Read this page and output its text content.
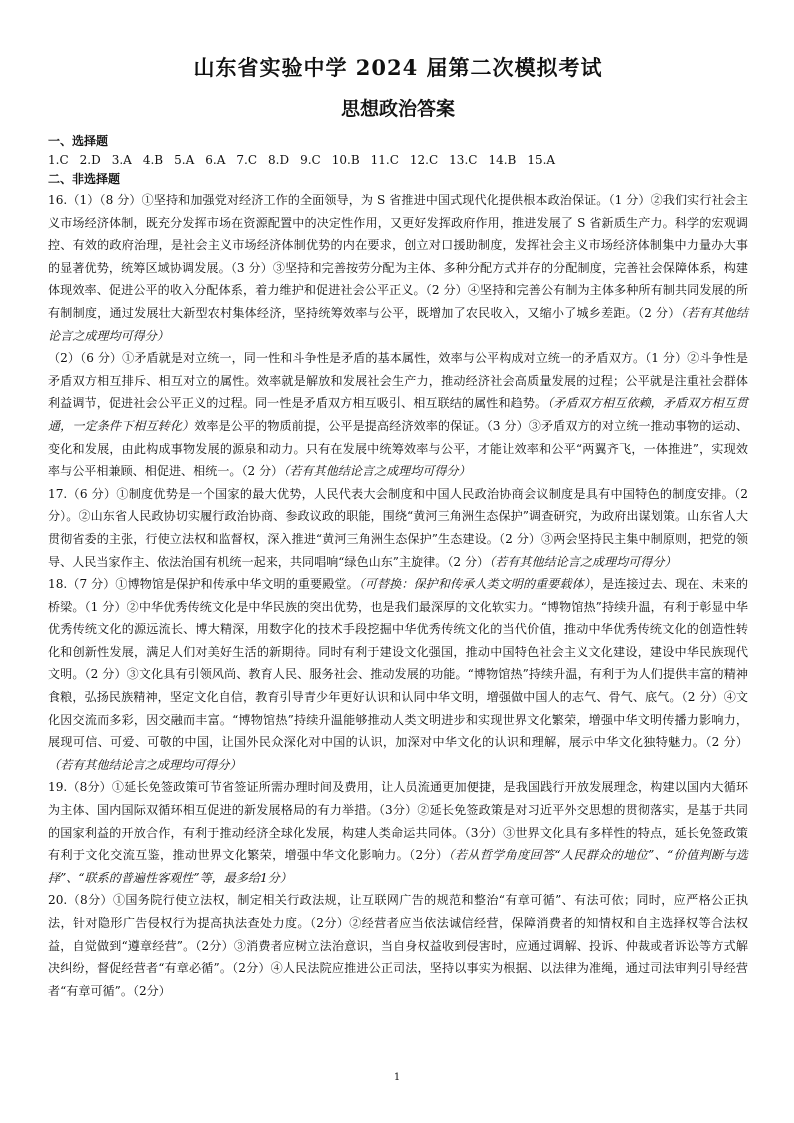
山东省实验中学 2024 届第二次模拟考试
思想政治答案
一、选择题
1.C 2.D 3.A 4.B 5.A 6.A 7.C 8.D 9.C 10.B 11.C 12.C 13.C 14.B 15.A
二、非选择题

16.（1）（8 分）①坚持和加强党对经济工作的全面领导，为 S 省推进中国式现代化提供根本政治保证。（1 分）②我们实行社会主义市场经济体制，既充分发挥市场在资源配置中的决定性作用，又更好发挥政府作用，推进发展了 S 省新质生产力。科学的宏观调控、有效的政府治理，是社会主义市场经济体制优势的内在要求，创立对口援助制度，发挥社会主义市场经济体制集中力量办大事的显著优势，统筹区域协调发展。（3 分）③坚持和完善按劳分配为主体、多种分配方式并存的分配制度，完善社会保障体系，构建体现效率、促进公平的收入分配体系，着力维护和促进社会公平正义。（2 分）④坚持和完善公有制为主体多种所有制共同发展的所有制制度，通过发展壮大新型农村集体经济，坚持统筹效率与公平，既增加了农民收入，又缩小了城乡差距。（2 分）（若有其他结论言之成理均可得分）

（2）（6 分）①矛盾就是对立统一，同一性和斗争性是矛盾的基本属性，效率与公平构成对立统一的矛盾双方。（1 分）②斗争性是矛盾双方相互排斥、相互对立的属性。效率就是解放和发展社会生产力，推动经济社会高质量发展的过程；公平就是注重社会群体利益调节，促进社会公平正义的过程。同一性是矛盾双方相互吸引、相互联结的属性和趋势。（矛盾双方相互依赖，矛盾双方相互贯通，一定条件下相互转化）效率是公平的物质前提，公平是提高经济效率的保证。（3 分）③矛盾双方的对立统一推动事物的运动、变化和发展，由此构成事物发展的源泉和动力。只有在发展中统筹效率与公平，才能让效率和公平“两翼齐飞，一体推进”，实现效率与公平相兼顾、相促进、相统一。（2 分）（若有其他结论言之成理均可得分）

17.（6 分）①制度优势是一个国家的最大优势，人民代表大会制度和中国人民政治协商会议制度是具有中国特色的制度安排。（2 分）。②山东省人民政协切实履行政治协商、参政议政的职能，围绕“黄河三角洲生态保护”调查研究，为政府出谋划策。山东省人大贯彻省委的主张，行使立法权和监督权，深入推进“黄河三角洲生态保护”生态建设。（2 分）③两会坚持民主集中制原则，把党的领导、人民当家作主、依法治国有机统一起来，共同唱响“绿色山东”主旋律。（2 分）（若有其他结论言之成理均可得分）

18.（7 分）①博物馆是保护和传承中华文明的重要殿堂。（可替换：保护和传承人类文明的重要载体），是连接过去、现在、未来的桥梁。（1 分）②中华优秀传统文化是中华民族的突出优势，也是我们最深厚的文化软实力。“博物馆热”持续升温，有利于彰显中华优秀传统文化的源远流长、博大精深，用数字化的技术手段挖掘中华优秀传统文化的当代价值，推动中华优秀传统文化的创造性转化和创新性发展，满足人们对美好生活的新期待。同时有利于建设文化强国，推动中国特色社会主义文化建设，建设中华民族现代文明。（2 分）③文化具有引领风尚、教育人民、服务社会、推动发展的功能。“博物馆热”持续升温，有利于为人们提供丰富的精神食粮，弘扬民族精神，坚定文化自信，教育引导青少年更好认识和认同中华文明，增强做中国人的志气、骨气、底气。（2 分）④文化因交流而多彩，因交融而丰富。“博物馆热”持续升温能够推动人类文明进步和实现世界文化繁荣，增强中华文明传播力影响力，展现可信、可爱、可敬的中国，让国外民众深化对中国的认识，加深对中华文化的认识和理解，展示中华文化独特魅力。（2 分）（若有其他结论言之成理均可得分）

19.（8分）①延长免签政策可节省签证所需办理时间及费用，让人员流通更加便捷，是我国践行开放发展理念，构建以国内大循环为主体、国内国际双循环相互促进的新发展格局的有力举措。（3分）②延长免签政策是对习近平外交思想的贯彻落实，是基于共同的国家利益的开放合作，有利于推动经济全球化发展，构建人类命运共同体。（3分）③世界文化具有多样性的特点，延长免签政策有利于文化交流互鉴，推动世界文化繁荣，增强中华文化影响力。（2分）（若从哲学角度回答“人民群众的地位”、“价值判断与选择”、“联系的普遍性客观性”等，最多给1分）

20.（8分）①国务院行使立法权，制定相关行政法规，让互联网广告的规范和整治“有章可循”、有法可依；同时，应严格公正执法，针对隐形广告侵权行为提高执法查处力度。（2分）②经营者应当依法诚信经营，保障消费者的知情权和自主选择权等合法权益，自觉做到“遵章经营”。（2分）③消费者应树立法治意识，当自身权益收到侵害时，应通过调解、投诉、仲裁或者诉讼等方式解决纠纷，督促经营者“有章必循”。（2分）④人民法院应推进公正司法，坚持以事实为根据、以法律为准绳，通过司法审判引导经营者“有章可循”。（2分）

1
